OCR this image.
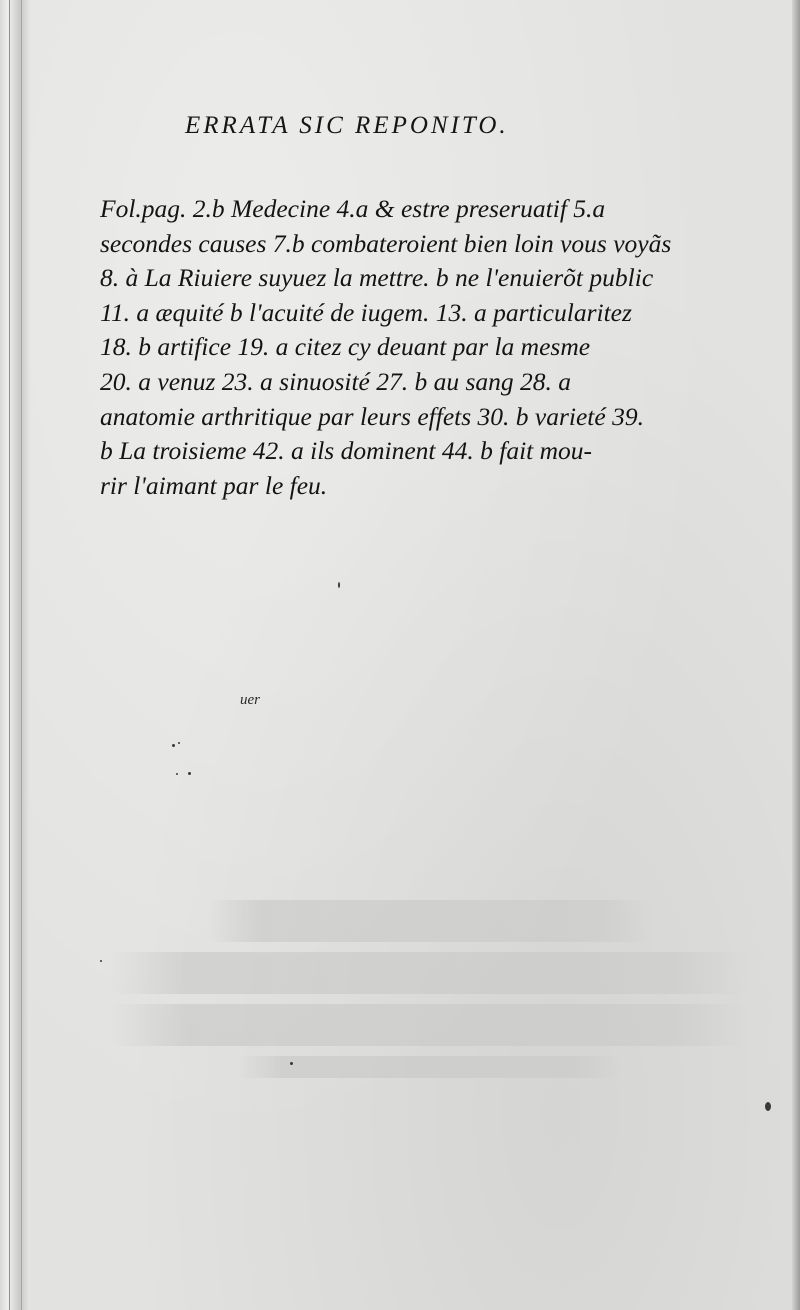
ERRATA SIC REPONITO.
Fol.pag. 2.b Medecine 4.a & estre preseruatif 5.a
secondes causes 7.b combateroient bien loin vous voyãs
8. à La Riuiere suyuez la mettre. b ne l'enuierõt public
11. a æquité b l'acuité de iugem. 13. a particularitez
18. b artifice 19. a citez cy deuant par la mesme
20. a venuz 23. a sinuosité 27. b au sang 28. a
anatomie arthritique par leurs effets 30. b varieté 39.
b La troisieme 42. a ils dominent 44. b fait mou-
rir l'aimant par le feu.
uer
